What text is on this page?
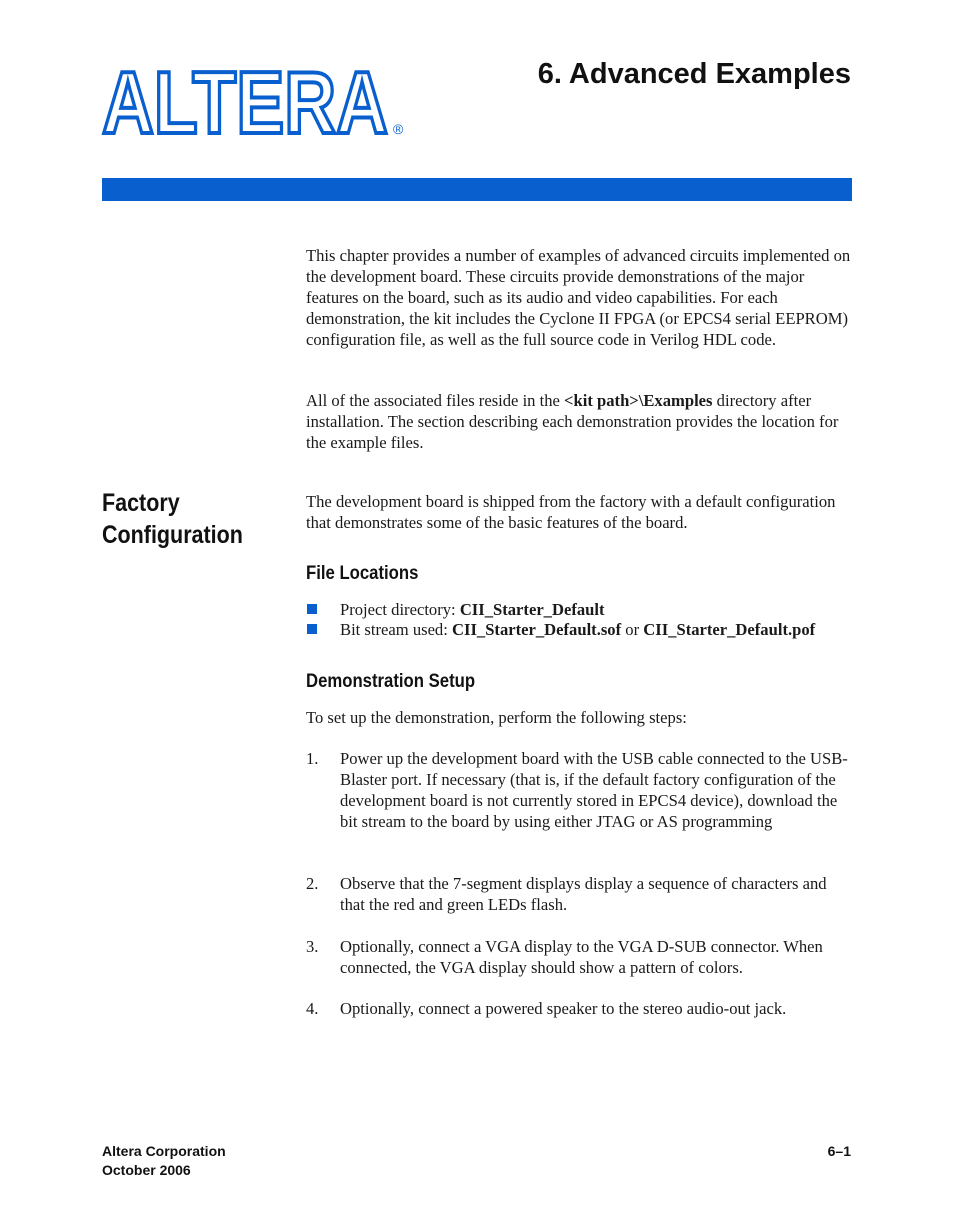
ALTERA ®
6. Advanced Examples

This chapter provides a number of examples of advanced circuits implemented on the development board. These circuits provide demonstrations of the major features on the board, such as its audio and video capabilities. For each demonstration, the kit includes the Cyclone II FPGA (or EPCS4 serial EEPROM) configuration file, as well as the full source code in Verilog HDL code.

All of the associated files reside in the <kit path>\Examples directory after installation. The section describing each demonstration provides the location for the example files.

Factory
Configuration

The development board is shipped from the factory with a default configuration that demonstrates some of the basic features of the board.

File Locations
Project directory: CII_Starter_Default
Bit stream used: CII_Starter_Default.sof or CII_Starter_Default.pof
Demonstration Setup

To set up the demonstration, perform the following steps:

1. Power up the development board with the USB cable connected to the USB-Blaster port. If necessary (that is, if the default factory configuration of the development board is not currently stored in EPCS4 device), download the bit stream to the board by using either JTAG or AS programming
2. Observe that the 7-segment displays display a sequence of characters and that the red and green LEDs flash.
3. Optionally, connect a VGA display to the VGA D-SUB connector. When connected, the VGA display should show a pattern of colors.
4. Optionally, connect a powered speaker to the stereo audio-out jack.
Altera Corporation
October 2006
6–1
